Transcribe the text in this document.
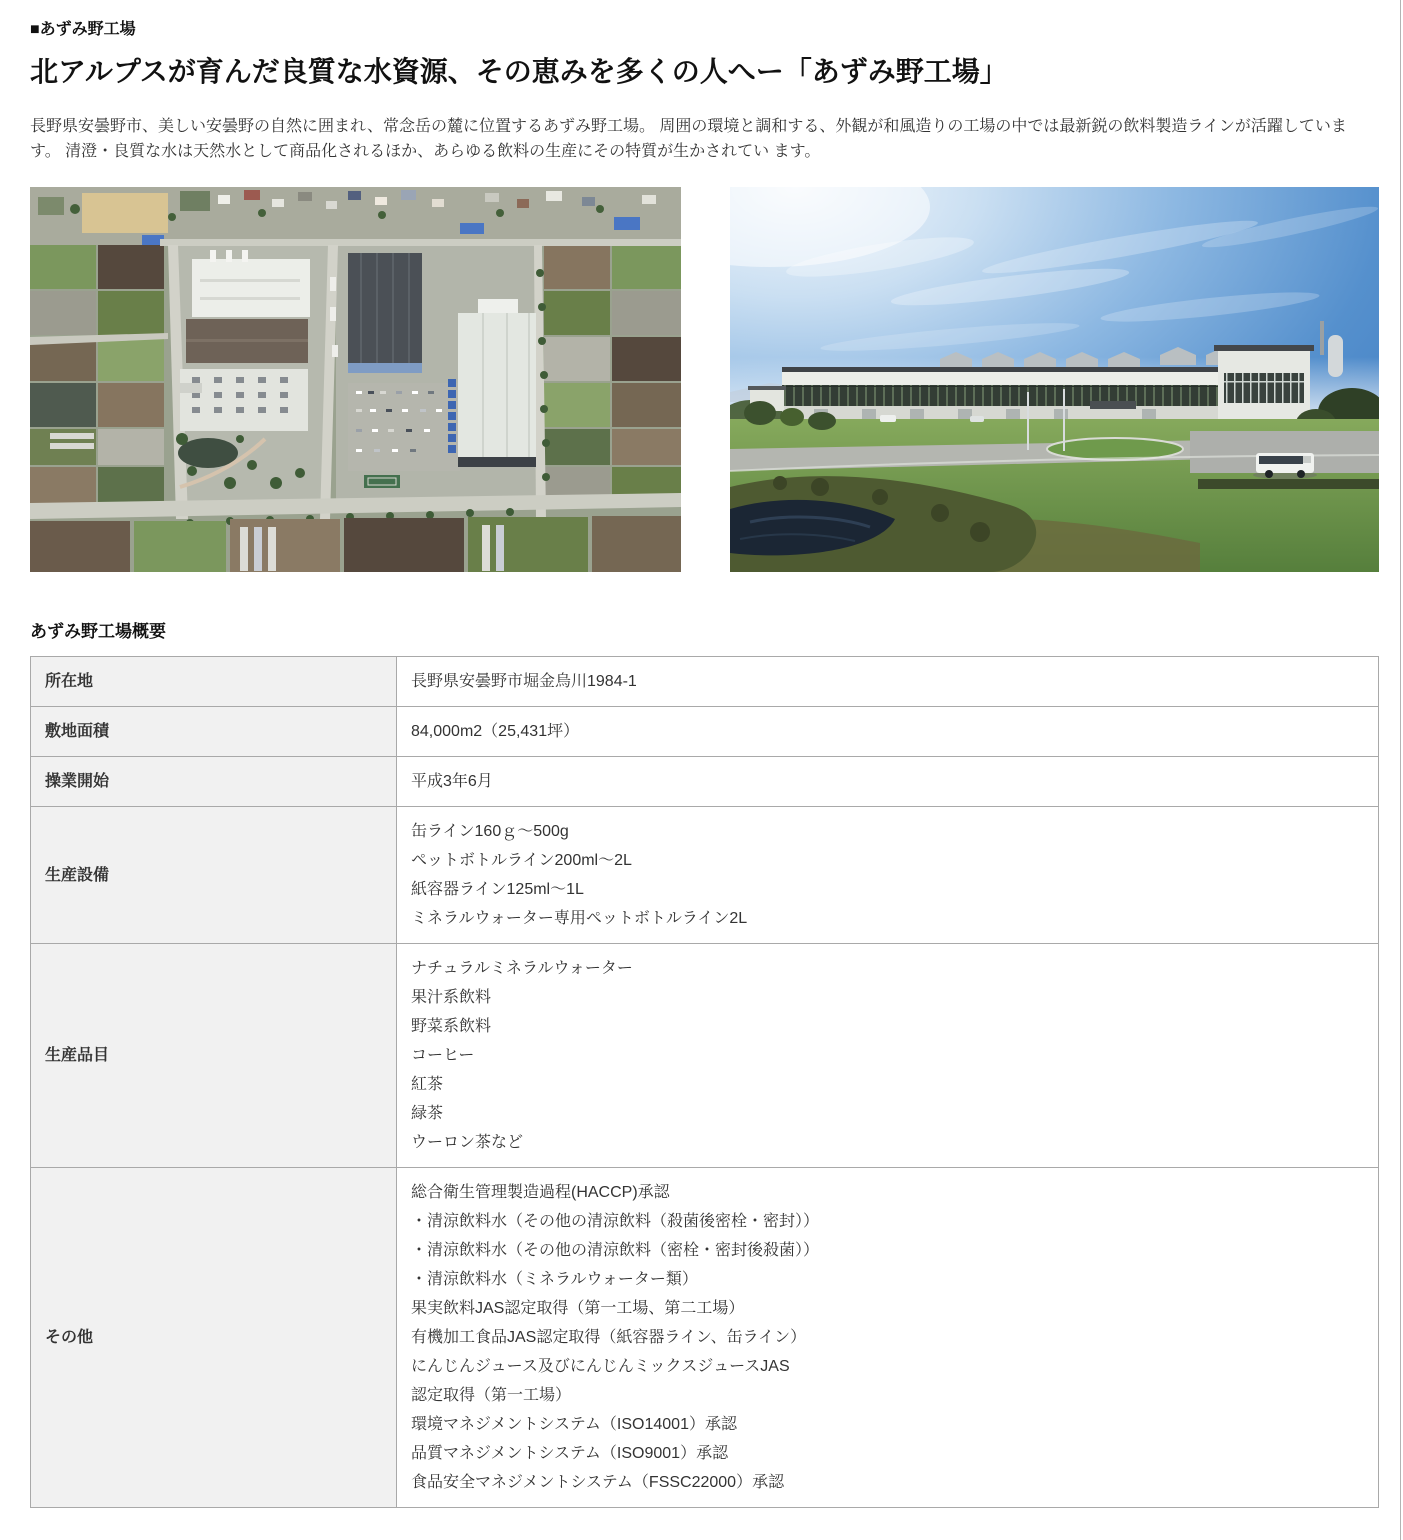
■あずみ野工場
北アルプスが育んだ良質な水資源、その恵みを多くの人へー「あずみ野工場」

長野県安曇野市、美しい安曇野の自然に囲まれ、常念岳の麓に位置するあずみ野工場。 周囲の環境と調和する、外観が和風造りの工場の中では最新鋭の飲料製造ラインが活躍していま す。 清澄・良質な水は天然水として商品化されるほか、あらゆる飲料の生産にその特質が生かされてい ます。

あずみ野工場概要
所在地	長野県安曇野市堀金烏川1984-1

敷地面積	84,000m2（25,431坪）

操業開始	平成3年6月

生産設備	缶ライン160ｇ～500g
ペットボトルライン200ml～2L
紙容器ライン125ml～1L
ミネラルウォーター専用ペットボトルライン2L

生産品目	
ナチュラルミネラルウォーター
果汁系飲料
野菜系飲料
コーヒー
紅茶
緑茶
ウーロン茶など

その他	
総合衛生管理製造過程(HACCP)承認
・清涼飲料水（その他の清涼飲料（殺菌後密栓・密封））
・清涼飲料水（その他の清涼飲料（密栓・密封後殺菌））
・清涼飲料水（ミネラルウォーター類）
果実飲料JAS認定取得（第一工場、第二工場）
有機加工食品JAS認定取得（紙容器ライン、缶ライン）
にんじんジュース及びにんじんミックスジュースJAS
認定取得（第一工場）
環境マネジメントシステム（ISO14001）承認
品質マネジメントシステム（ISO9001）承認
食品安全マネジメントシステム（FSSC22000）承認
